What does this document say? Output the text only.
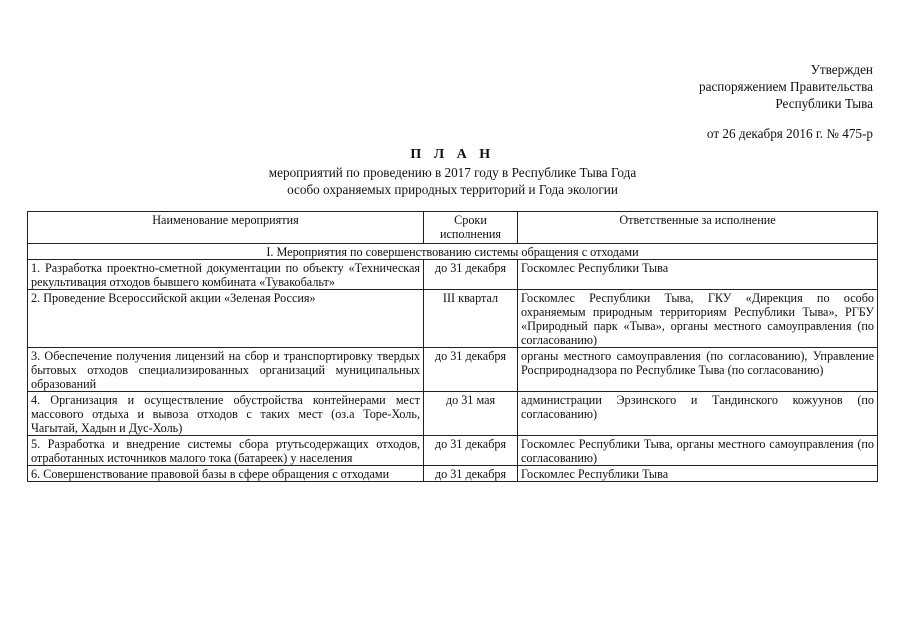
Утвержден
распоряжением Правительства
Республики Тыва
от 26 декабря 2016 г. № 475-р
П Л А Н
мероприятий по проведению в 2017 году в Республике Тыва Года
особо охраняемых природных территорий и Года экологии
Наименование мероприятия	Сроки исполнения	Ответственные за исполнение
I. Мероприятия по совершенствованию системы обращения с отходами		
1. Разработка проектно-сметной документации по объекту «Техническая рекультивация отходов бывшего комбината «Тувакобальт»	до 31 декабря	Госкомлес Республики Тыва
2. Проведение Всероссийской акции «Зеленая Россия»	III квартал	Госкомлес Республики Тыва, ГКУ «Дирекция по особо охраняемым природным территориям Республики Тыва», РГБУ «Природный парк «Тыва», органы местного самоуправления (по согласованию)
3. Обеспечение получения лицензий на сбор и транспортировку твердых бытовых отходов специализированных организаций муниципальных образований	до 31 декабря	органы местного самоуправления (по согласованию), Управление Росприроднадзора по Республике Тыва (по согласованию)
4. Организация и осуществление обустройства контейнерами мест массового отдыха и вывоза отходов с таких мест (оз.а Торе-Холь, Чагытай, Хадын и Дус-Холь)	до 31 мая	администрации Эрзинского и Тандинского кожуунов (по согласованию)
5. Разработка и внедрение системы сбора ртутьсодержащих отходов, отработанных источников малого тока (батареек) у населения	до 31 декабря	Госкомлес Республики Тыва, органы местного самоуправления (по согласованию)
6. Совершенствование правовой базы в сфере обращения с отходами	до 31 декабря	Госкомлес Республики Тыва
